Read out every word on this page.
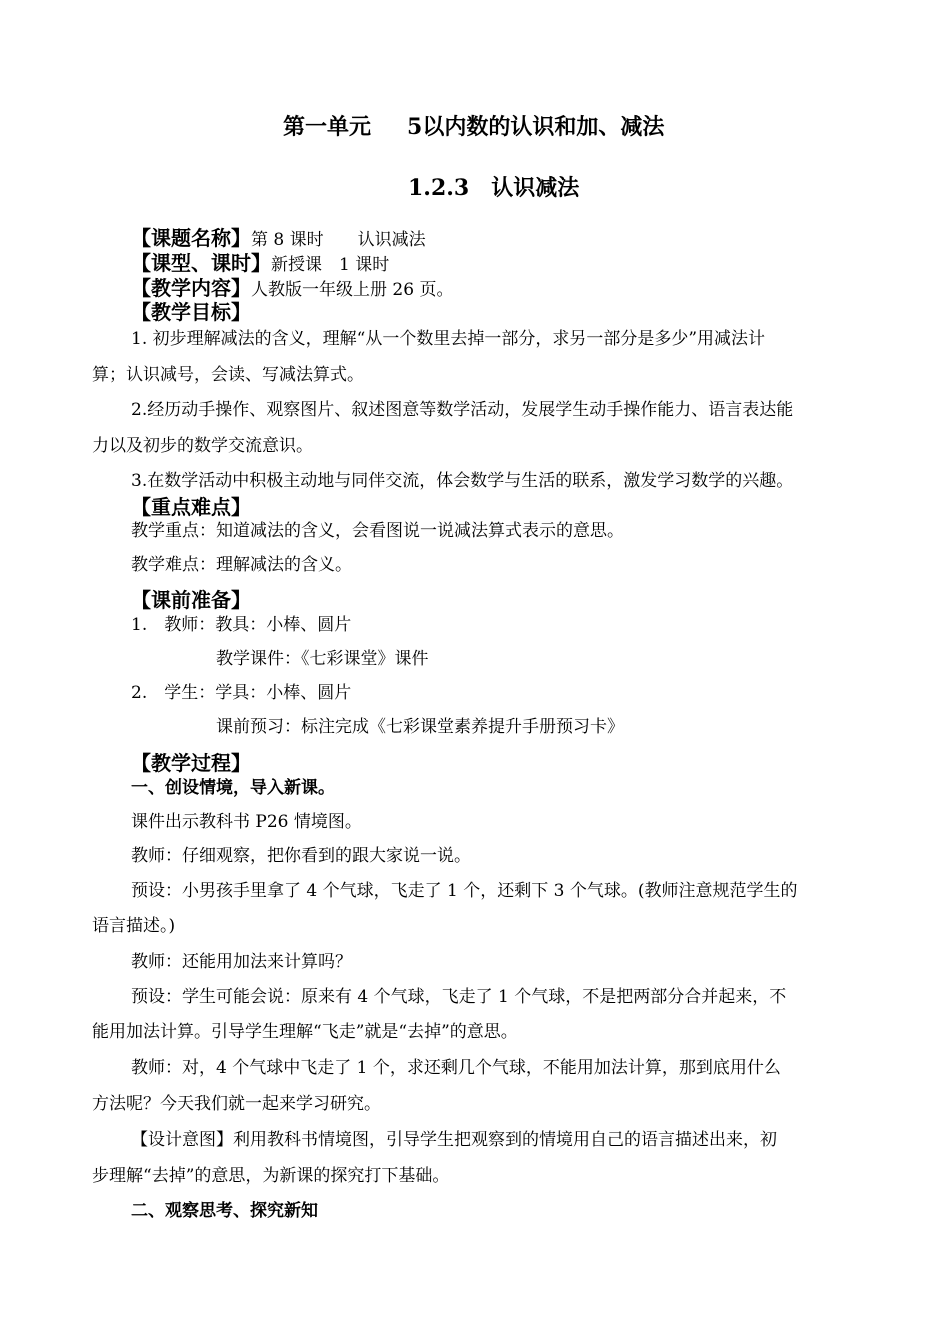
第一单元 5以内数的认识和加、减法
1.2.3　认识减法
【课题名称】第 8 课时　　认识减法
【课型、课时】新授课　1 课时
【教学内容】人教版一年级上册 26 页。
【教学目标】
1. 初步理解减法的含义，理解“从一个数里去掉一部分，求另一部分是多少”用减法计
算；认识减号，会读、写减法算式。
2.经历动手操作、观察图片、叙述图意等数学活动，发展学生动手操作能力、语言表达能
力以及初步的数学交流意识。
3.在数学活动中积极主动地与同伴交流，体会数学与生活的联系，激发学习数学的兴趣。
【重点难点】
教学重点：知道减法的含义，会看图说一说减法算式表示的意思。
教学难点：理解减法的含义。
【课前准备】
1.　教师：教具：小棒、圆片
教学课件：《七彩课堂》课件
2.　学生：学具：小棒、圆片
课前预习：标注完成《七彩课堂素养提升手册预习卡》
【教学过程】
一、创设情境，导入新课。
课件出示教科书 P26 情境图。
教师：仔细观察，把你看到的跟大家说一说。
预设：小男孩手里拿了 4 个气球，飞走了 1 个，还剩下 3 个气球。(教师注意规范学生的
语言描述。)
教师：还能用加法来计算吗？
预设：学生可能会说：原来有 4 个气球，飞走了 1 个气球，不是把两部分合并起来，不
能用加法计算。引导学生理解“飞走”就是“去掉”的意思。
教师：对，4 个气球中飞走了 1 个，求还剩几个气球，不能用加法计算，那到底用什么
方法呢？今天我们就一起来学习研究。
【设计意图】利用教科书情境图，引导学生把观察到的情境用自己的语言描述出来，初
步理解“去掉”的意思，为新课的探究打下基础。
二、观察思考、探究新知
